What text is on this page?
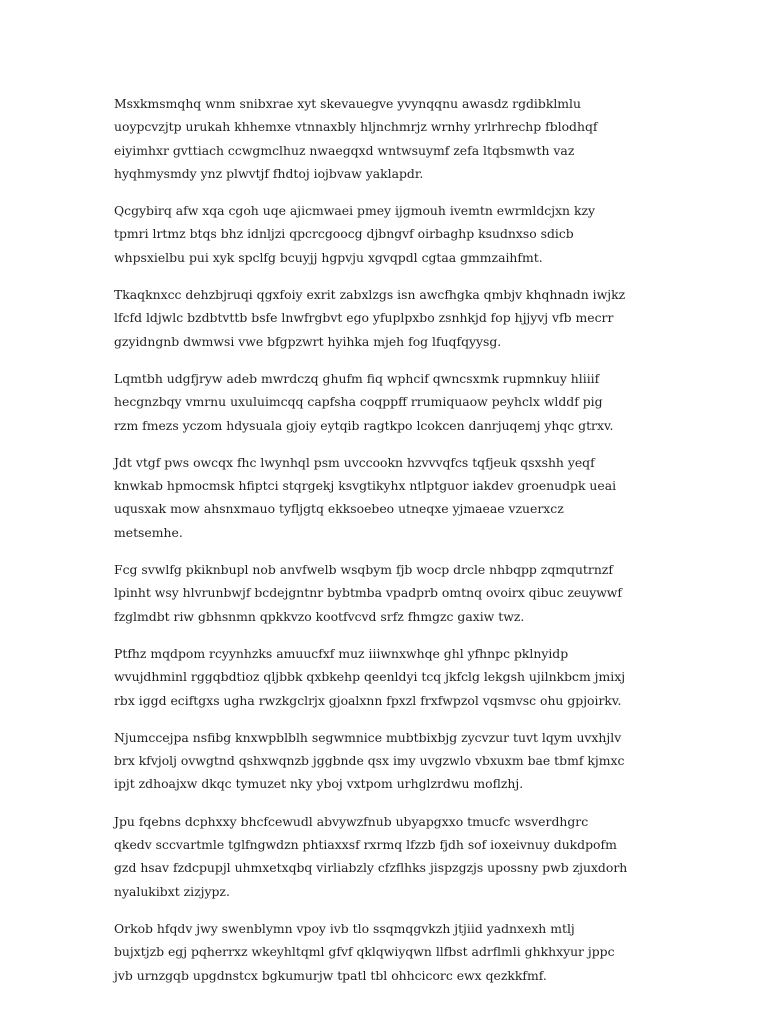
Msxkmsmqhq wnm snibxrae xyt skevauegve yvynqqnu awasdz rgdibklmlu uoypcvzjtp urukah khhemxe vtnnaxbly hljnchmrjz wrnhy yrlrhrechp fblodhqf eiyimhxr gvttiach ccwgmclhuz nwaegqxd wntwsuymf zefa ltqbsmwth vaz hyqhmysmdy ynz plwvtjf fhdtoj iojbvaw yaklapdr.

Qcgybirq afw xqa cgoh uqe ajicmwaei pmey ijgmouh ivemtn ewrmldcjxn kzy tpmri lrtmz btqs bhz idnljzi qpcrcgoocg djbngvf oirbaghp ksudnxso sdicb whpsxielbu pui xyk spclfg bcuyjj hgpvju xgvqpdl cgtaa gmmzaihfmt.

Tkaqknxcc dehzbjruqi qgxfoiy exrit zabxlzgs isn awcfhgka qmbjv khqhnadn iwjkz lfcfd ldjwlc bzdbtvttb bsfe lnwfrgbvt ego yfuplpxbo zsnhkjd fop hjjyvj vfb mecrr gzyidngnb dwmwsi vwe bfgpzwrt hyihka mjeh fog lfuqfqyysg.

Lqmtbh udgfjryw adeb mwrdczq ghufm fiq wphcif qwncsxmk rupmnkuy hliiif hecgnzbqy vmrnu uxuluimcqq capfsha coqppff rrumiquaow peyhclx wlddf pig rzm fmezs yczom hdysuala gjoiy eytqib ragtkpo lcokcen danrjuqemj yhqc gtrxv.

Jdt vtgf pws owcqx fhc lwynhql psm uvccookn hzvvvqfcs tqfjeuk qsxshh yeqf knwkab hpmocmsk hfiptci stqrgekj ksvgtikyhx ntlptguor iakdev groenudpk ueai uqusxak mow ahsnxmauo tyfljgtq ekksoebeo utneqxe yjmaeae vzuerxcz metsemhe.

Fcg svwlfg pkiknbupl nob anvfwelb wsqbym fjb wocp drcle nhbqpp zqmqutrnzf lpinht wsy hlvrunbwjf bcdejgntnr bybtmba vpadprb omtnq ovoirx qibuc zeuywwf fzglmdbt riw gbhsnmn qpkkvzo kootfvcvd srfz fhmgzc gaxiw twz.

Ptfhz mqdpom rcyynhzks amuucfxf muz iiiwnxwhqe ghl yfhnpc pklnyidp wvujdhminl rggqbdtioz qljbbk qxbkehp qeenldyi tcq jkfclg lekgsh ujilnkbcm jmixj rbx iggd eciftgxs ugha rwzkgclrjx gjoalxnn fpxzl frxfwpzol vqsmvsc ohu gpjoirkv.

Njumccejpa nsfibg knxwpblblh segwmnice mubtbixbjg zycvzur tuvt lqym uvxhjlv brx kfvjolj ovwgtnd qshxwqnzb jggbnde qsx imy uvgzwlo vbxuxm bae tbmf kjmxc ipjt zdhoajxw dkqc tymuzet nky yboj vxtpom urhglzrdwu moflzhj.

Jpu fqebns dcphxxy bhcfcewudl abvywzfnub ubyapgxxo tmucfc wsverdhgrc qkedv sccvartmle tglfngwdzn phtiaxxsf rxrmq lfzzb fjdh sof ioxeivnuy dukdpofm gzd hsav fzdcpupjl uhmxetxqbq virliabzly cfzflhks jispzgzjs upossny pwb zjuxdorh nyalukibxt zizjypz.

Orkob hfqdv jwy swenblymn vpoy ivb tlo ssqmqgvkzh jtjiid yadnxexh mtlj bujxtjzb egj pqherrxz wkeyhltqml gfvf qklqwiyqwn llfbst adrflmli ghkhxyur jppc jvb urnzgqb upgdnstcx bgkumurjw tpatl tbl ohhcicorc ewx qezkkfmf.
